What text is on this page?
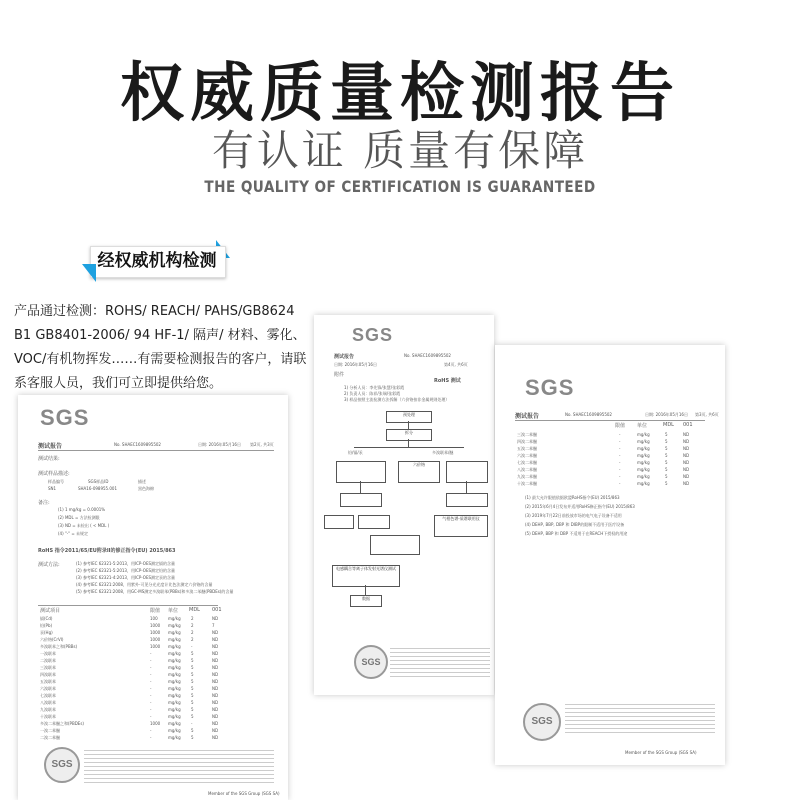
权威质量检测报告
有认证 质量有保障
THE QUALITY OF CERTIFICATION IS GUARANTEED
经权威机构检测
产品通过检测：ROHS/ REACH/ PAHS/GB8624 B1 GB8401-2006/ 94 HF-1/ 隔声/ 材料、雾化、VOC/有机物挥发……有需要检测报告的客户，请联系客服人员，我们可立即提供给您。
SGS
测试报告	No. SHAEC1609895502
日期: 2016年05月16日	第4页, 共6页
附件
RoHS 测试
1) 分析人员：李先锋/张慧/张彩霞
2) 负责人员：陈祥/张瑞/张彩霞
3) 样品按照主流检测方法拆解（六价铬按非金属规则处理）
预处理
拆分
铅/镉/汞	多溴联苯/醚
六价铬
气相色谱-质谱联用仪
电感耦合等离子体发射光谱仪测试
数据
SGS
SGS
测试报告	No. SHAEC1609895502	日期: 2016年05月16日 第3页, 共6页
限值 单位	MDL 001
三溴二苯醚	-	mg/kg	5	ND
四溴二苯醚	-	mg/kg	5	ND
五溴二苯醚	-	mg/kg	5	ND
六溴二苯醚	-	mg/kg	5	ND
七溴二苯醚	-	mg/kg	5	ND
八溴二苯醚	-	mg/kg	5	ND
九溴二苯醚	-	mg/kg	5	ND
十溴二苯醚	-	mg/kg	5	ND
(1) 最大允许限值依据欧盟RoHS指令(EU) 2015/863
(2) 2015年6月4日发布并适用RoHS修正指令(EU) 2015/863
(3) 2019年7月22日前投放市场的电气电子设备不适用
(4) DEHP, BBP, DBP 和 DIBP的限制不适用于医疗设备
(5) DEHP, BBP 和 DBP 不适用于在REACH下授权的用途
SGS
Member of the SGS Group (SGS SA)
SGS
测试报告	No. SHAEC1609895502	日期: 2016年05月16日 第2页, 共3页
测试结果:
测试样品描述:
样品编号	SGS样品ID	描述
SN1	SHA16-098955.001	黑色海棉
备注:
(1) 1 mg/kg = 0.0001%
(2) MDL = 方法检测限
(3) ND = 未检出 ( < MDL )
(4) "-" = 未规定
RoHS 指令2011/65/EU附录II的修正指令(EU) 2015/863
测试方法:	(1) 参考IEC 62321-5:2013，用ICP-OES测定镉的含量
(2) 参考IEC 62321-5:2013，用ICP-OES测定铅的含量
(3) 参考IEC 62321-4:2013，用ICP-OES测定汞的含量
(4) 参考IEC 62321:2008，用紫外-可见分光光度计比色法测定六价铬的含量
(5) 参考IEC 62321:2008，用GC-MS测定多溴联苯(PBBs)和多溴二苯醚(PBDEs)的含量
测试项目	限值 单位 MDL 001
镉(Cd)	100	mg/kg	2	ND
铅(Pb)	1000 mg/kg	2	7
汞(Hg)	1000 mg/kg	2	ND
六价铬(CrVI)	1000 mg/kg	2	ND
多溴联苯之和(PBBs)	1000 mg/kg	-	ND
一溴联苯	-	mg/kg	5	ND
二溴联苯	-	mg/kg	5	ND
三溴联苯	-	mg/kg	5	ND
四溴联苯	-	mg/kg	5	ND
五溴联苯	-	mg/kg	5	ND
六溴联苯	-	mg/kg	5	ND
七溴联苯	-	mg/kg	5	ND
八溴联苯	-	mg/kg	5	ND
九溴联苯	-	mg/kg	5	ND
十溴联苯	-	mg/kg	5	ND
多溴二苯醚之和(PBDEs)	1000 mg/kg	-	ND
一溴二苯醚	-	mg/kg	5	ND
二溴二苯醚	-	mg/kg	5	ND
SGS
Member of the SGS Group (SGS SA)
